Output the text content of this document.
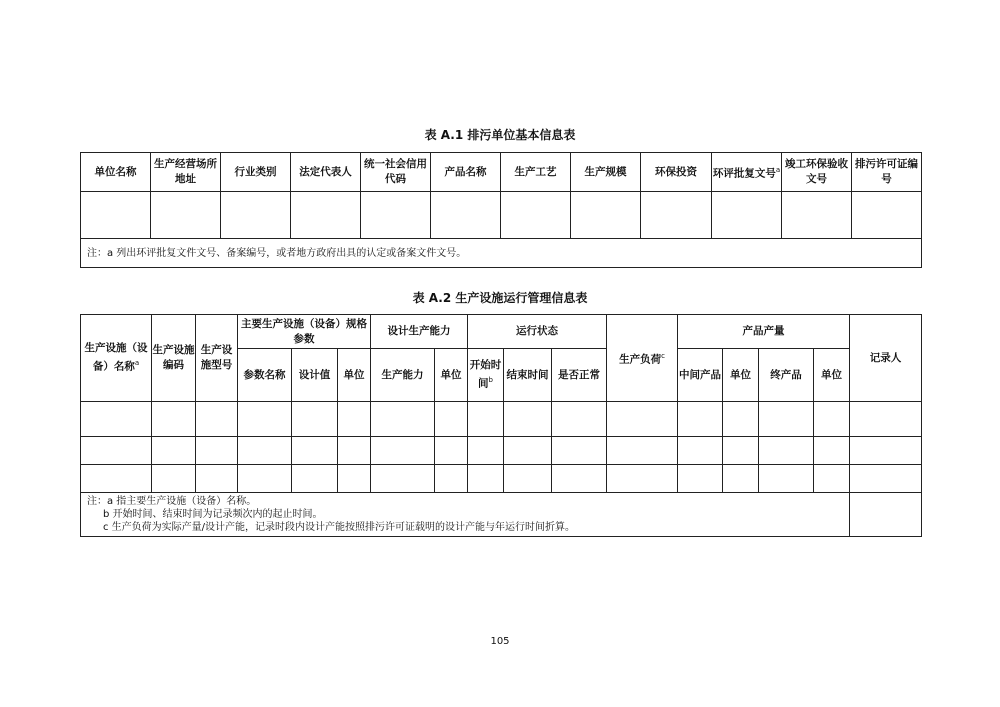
表 A.1 排污单位基本信息表
单位名称	生产经营场所地址	行业类别	法定代表人	统一社会信用代码	产品名称	生产工艺	生产规模	环保投资	环评批复文号$^a$	竣工环保验收文号	排污许可证编号

注：a 列出环评批复文件文号、备案编号，或者地方政府出具的认定或备案文件文号。											
表 A.2 生产设施运行管理信息表
生产设施（设备）名称$^a$	生产设施编码	生产设施型号	主要生产设施（设备）规格参数			设计生产能力		运行状态			生产负荷$^c$	产品产量				记录人
			参数名称	设计值	单位	生产能力	单位	开始时间$^b$	结束时间	是否正常		中间产品	单位	终产品	单位	

注：a 指主要生产设施（设备）名称。
b 开始时间、结束时间为记录频次内的起止时间。
c 生产负荷为实际产量/设计产能，记录时段内设计产能按照排污许可证载明的设计产能与年运行时间折算。																

105
